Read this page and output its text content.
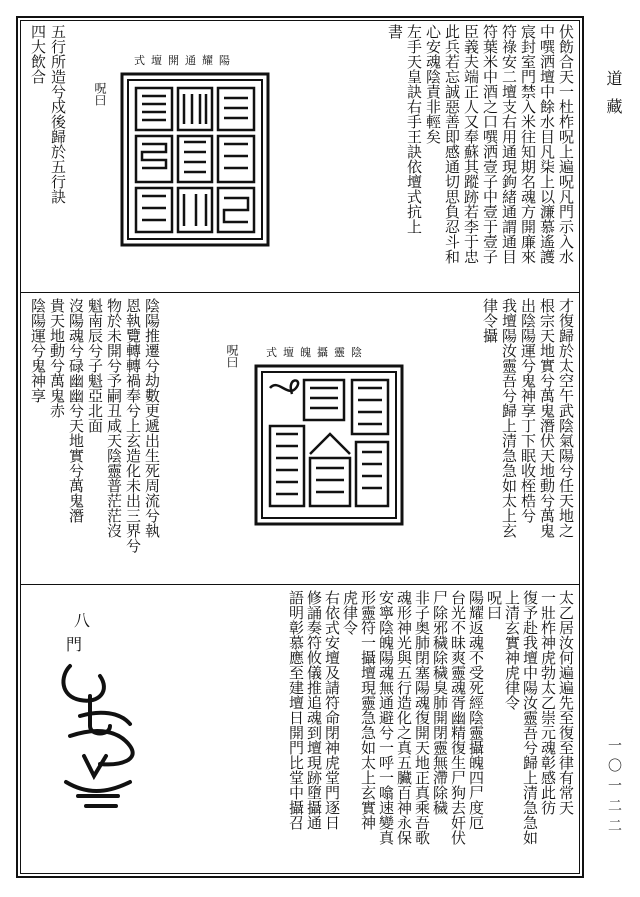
道藏
一〇一二二
伏飭合天一杜柞呪上遍呪凡門示入水
中噀洒壇中餘水目凡柒上以濂慕遙護
宸封室門禁入米往知期名魂方開廉來
符祿安二壇支右用通現鉤緒通謂通目
符葉米中酒之口噀洒壹子中壹于壹子
臣義夫端正人又奉蘇其蹤跡若李于忠
此兵若忘誠惡善即感通切思負忍斗和
心安魂陰責非輕矣
左手天皇訣右手王訣依壇式抗上
書
式壇開通耀陽
呪曰
五行所造兮戍後歸於五行訣
四大飲合
才復歸於太空午武陰氣陽兮任天地之
根宗天地實兮萬鬼潛伏天地動兮萬鬼
出陰陽運兮鬼神享丁下眠收桎梏兮
我壇陽汝靈吾兮歸上清急急如太上玄
律令攝
式壇魄攝靈陰
呪曰
陰陽推遷兮劫數更遞出生死周流兮執
恩執覽轉轉禍奉兮上玄造化未出三界兮
物於未開兮予嗣丑咸天陰靈普茫茫沒
魁南辰兮子魁亞北面
沒陽魂兮碌幽幽兮天地實兮萬鬼潛
貴天地動兮萬鬼赤
陰陽運兮鬼神享
太乙居汝何遍遍先至復至律有常天
一壯柞神虎勃太乙崇元魂彰感此彷
復予赴我壇中陽汝靈吾兮歸上清急急如
上清玄實神虎律令
呪曰
陽耀返魂不受死經陰靈攝魄四尸度厄
台光不昧爽靈魂胥幽精復生尸狗去奸伏
尸除邪穢除穢臭肺開閉靈無滯除穢
非子奥肺閉塞陽魂復開天地正真乘吾歌
魂形神光與五行造化之真五臟百神永保
安寧陰魄陽魂無通避兮一呼一噏速變真
形靈符一攝壇現靈急急如太上玄實神
虎律令
右依式安壇及請符命閉神虎堂門逐日
修誦奏符攸儀推追魂到壇現跡墮攝通
語明彰慕應至建壇日開門比堂中攝召
八
門
